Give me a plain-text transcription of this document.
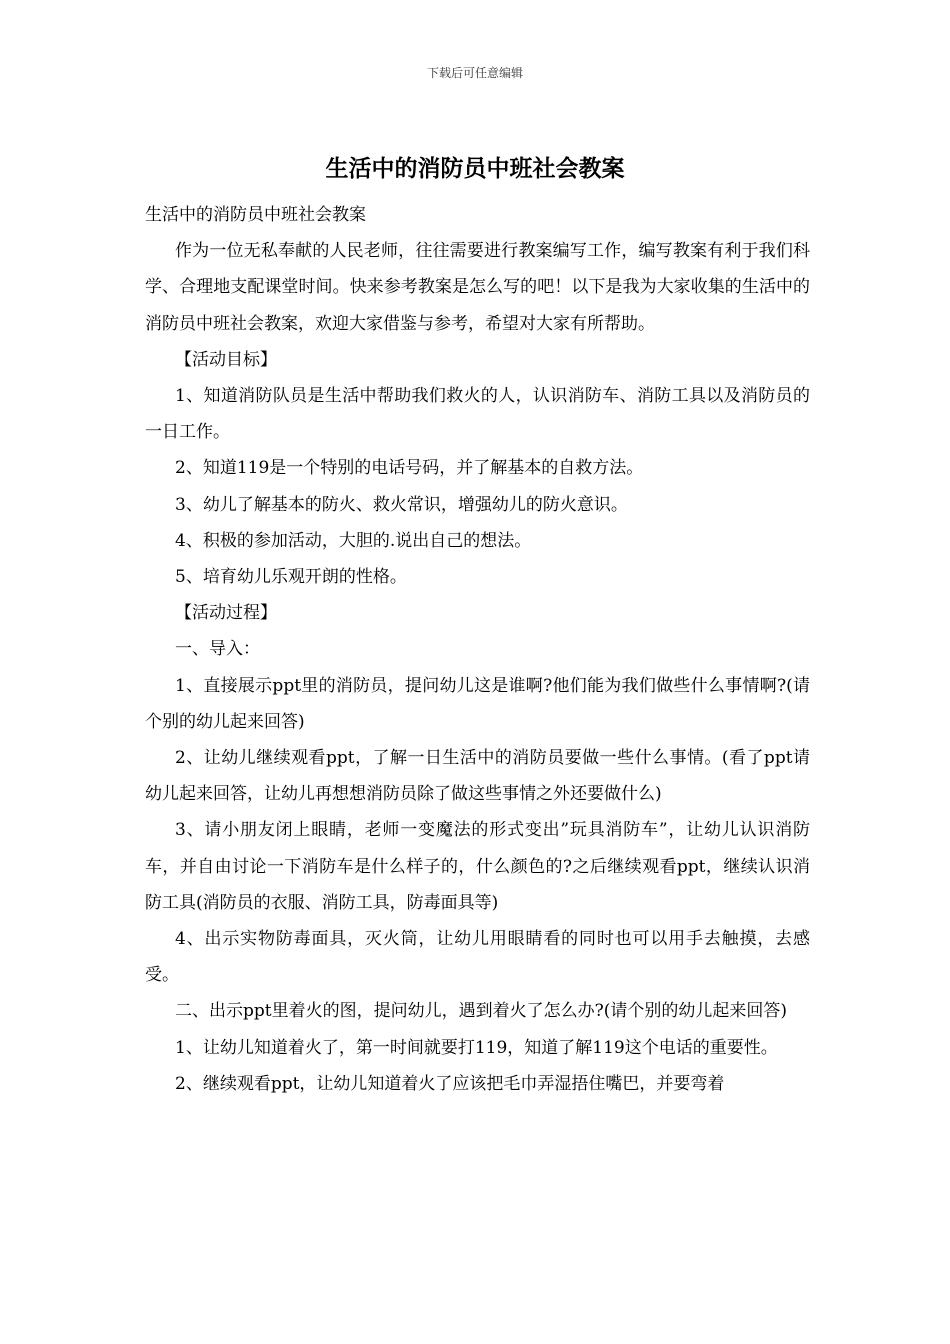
下载后可任意编辑
生活中的消防员中班社会教案

生活中的消防员中班社会教案

作为一位无私奉献的人民老师，往往需要进行教案编写工作，编写教案有利于我们科学、合理地支配课堂时间。快来参考教案是怎么写的吧！以下是我为大家收集的生活中的消防员中班社会教案，欢迎大家借鉴与参考，希望对大家有所帮助。

【活动目标】

1、知道消防队员是生活中帮助我们救火的人，认识消防车、消防工具以及消防员的一日工作。

2、知道119是一个特别的电话号码，并了解基本的自救方法。

3、幼儿了解基本的防火、救火常识，增强幼儿的防火意识。

4、积极的参加活动，大胆的.说出自己的想法。

5、培育幼儿乐观开朗的性格。

【活动过程】

一、导入：

1、直接展示ppt里的消防员，提问幼儿这是谁啊?他们能为我们做些什么事情啊?(请个别的幼儿起来回答)

2、让幼儿继续观看ppt，了解一日生活中的消防员要做一些什么事情。(看了ppt请幼儿起来回答，让幼儿再想想消防员除了做这些事情之外还要做什么)

3、请小朋友闭上眼睛，老师一变魔法的形式变出”玩具消防车”，让幼儿认识消防车，并自由讨论一下消防车是什么样子的，什么颜色的?之后继续观看ppt，继续认识消防工具(消防员的衣服、消防工具，防毒面具等)

4、出示实物防毒面具，灭火筒，让幼儿用眼睛看的同时也可以用手去触摸，去感受。

二、出示ppt里着火的图，提问幼儿，遇到着火了怎么办?(请个别的幼儿起来回答)

1、让幼儿知道着火了，第一时间就要打119，知道了解119这个电话的重要性。

2、继续观看ppt，让幼儿知道着火了应该把毛巾弄湿捂住嘴巴，并要弯着
